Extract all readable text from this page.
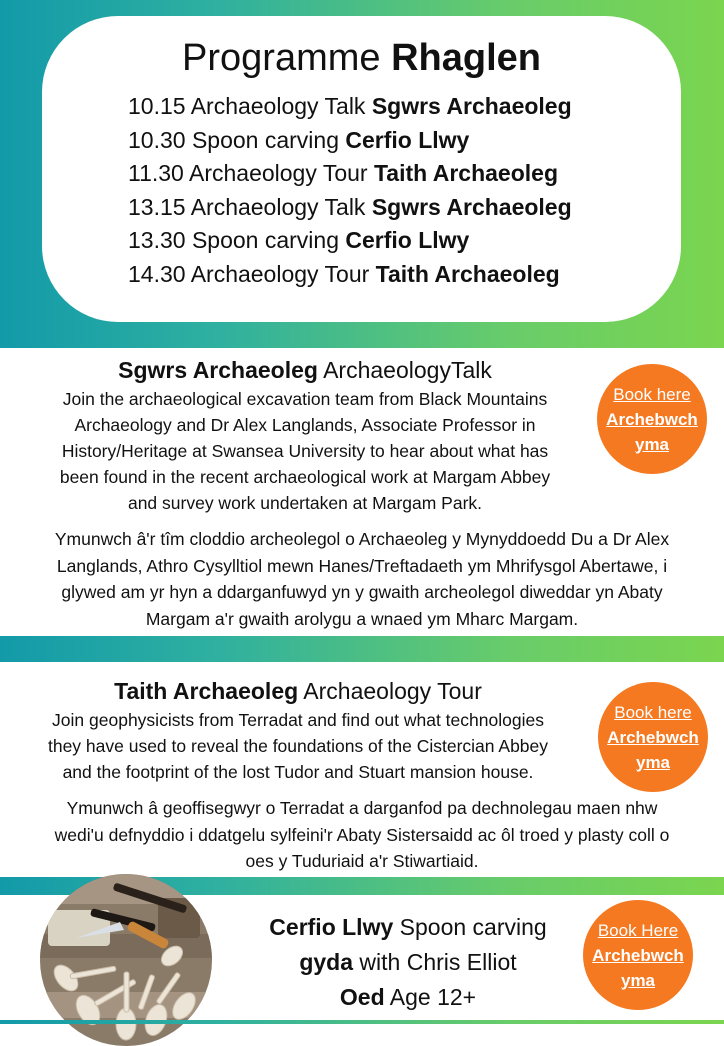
Programme Rhaglen
10.15 Archaeology Talk Sgwrs Archaeoleg
10.30 Spoon carving Cerfio Llwy
11.30 Archaeology Tour Taith Archaeoleg
13.15 Archaeology Talk Sgwrs Archaeoleg
13.30 Spoon carving Cerfio Llwy
14.30 Archaeology Tour Taith Archaeoleg
Sgwrs Archaeoleg ArchaeologyTalk
Join the archaeological excavation team from Black Mountains
Archaeology and Dr Alex Langlands, Associate Professor in
History/Heritage at Swansea University to hear about what has
been found in the recent archaeological work at Margam Abbey
and survey work undertaken at Margam Park.
Book here
Archebwch
yma
Ymunwch â'r tîm cloddio archeolegol o Archaeoleg y Mynyddoedd Du a Dr Alex
Langlands, Athro Cysylltiol mewn Hanes/Treftadaeth ym Mhrifysgol Abertawe, i
glywed am yr hyn a ddarganfuwyd yn y gwaith archeolegol diweddar yn Abaty
Margam a'r gwaith arolygu a wnaed ym Mharc Margam.
Taith Archaeoleg Archaeology Tour
Join geophysicists from Terradat and find out what technologies
they have used to reveal the foundations of the Cistercian Abbey
and the footprint of the lost Tudor and Stuart mansion house.
Book here
Archebwch
yma
Ymunwch â geoffisegwyr o Terradat a darganfod pa dechnolegau maen nhw
wedi'u defnyddio i ddatgelu sylfeini'r Abaty Sistersaidd ac ôl troed y plasty coll o
oes y Tuduriaid a'r Stiwartiaid.
Cerfio Llwy Spoon carving
gyda with Chris Elliot
Oed Age 12+
Book Here
Archebwch
yma
